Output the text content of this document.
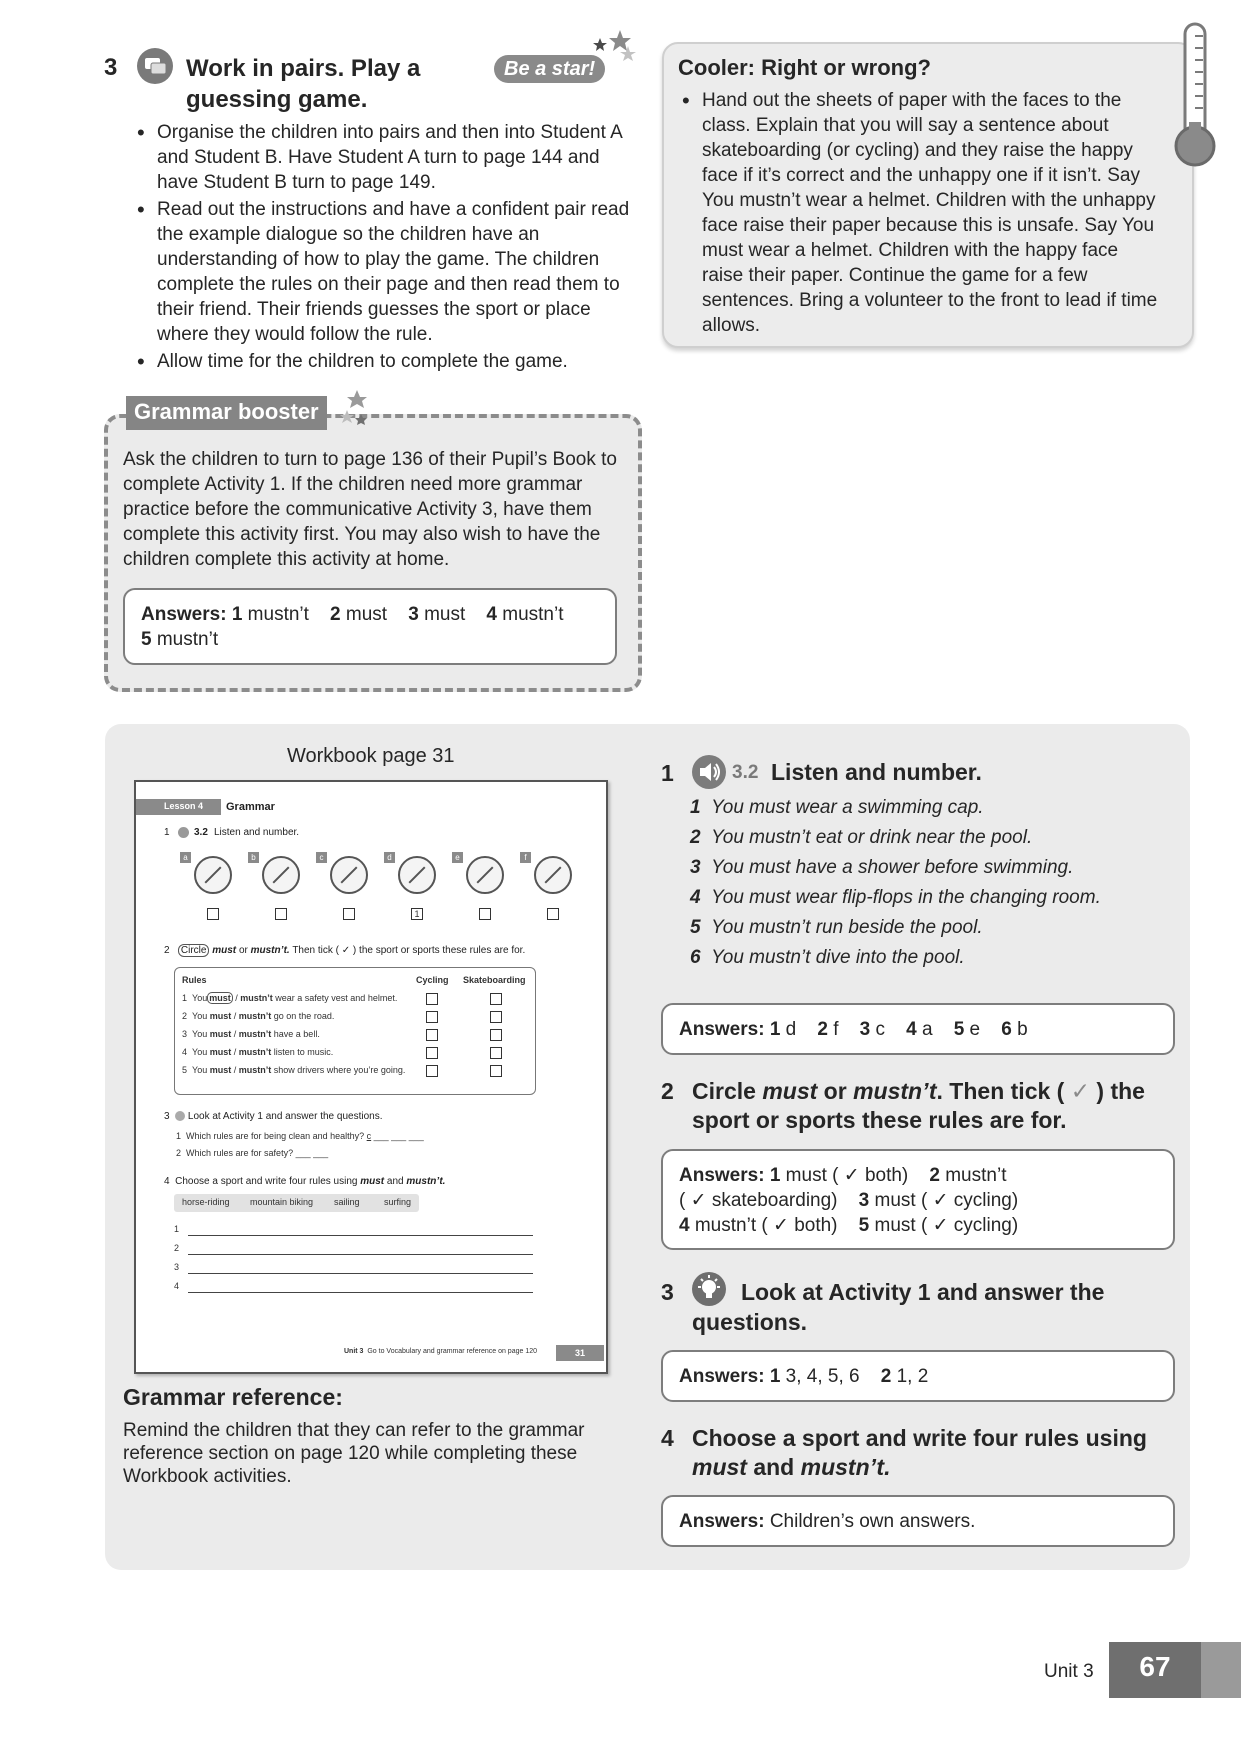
3	Work in pairs. Play a
guessing game.
Be a star!
• Organise the children into pairs and then into Student A and Student B. Have Student A turn to page 144 and have Student B turn to page 149.
• Read out the instructions and have a confident pair read the example dialogue so the children have an understanding of how to play the game. The children complete the rules on their page and then read them to their friend. Their friends guesses the sport or place where they would follow the rule.
• Allow time for the children to complete the game.
Grammar booster
Ask the children to turn to page 136 of their Pupil’s Book to complete Activity 1. If the children need more grammar practice before the communicative Activity 3, have them complete this activity first. You may also wish to have the children complete this activity at home.
Answers: 1 mustn’t 2 must 3 must 4 mustn’t
5 mustn’t
Cooler: Right or wrong?
• Hand out the sheets of paper with the faces to the class. Explain that you will say a sentence about skateboarding (or cycling) and they raise the happy face if it’s correct and the unhappy one if it isn’t. Say You mustn’t wear a helmet. Children with the unhappy face raise their paper because this is unsafe. Say You must wear a helmet. Children with the happy face raise their paper. Continue the game for a few sentences. Bring a volunteer to the front to lead if time allows.
Workbook page 31
Lesson 4 Grammar
1 3.2 Listen and number.
a	b	c	d	e	f
1
2 Circle must or mustn’t. Then tick ( ✓ ) the sport or sports these rules are for.
Rules	Cycling Skateboarding
1 You must / mustn’t wear a safety vest and helmet.
2 You must / mustn’t go on the road.
3 You must / mustn’t have a bell.
4 You must / mustn’t listen to music.
5 You must / mustn’t show drivers where you’re going.
3 Look at Activity 1 and answer the questions.
1 Which rules are for being clean and healthy? c ___ ___ ___
2 Which rules are for safety? ___ ___
4 Choose a sport and write four rules using must and mustn’t.
horse-riding mountain biking sailing	surfing
1
2
3
4
Unit 3 Go to Vocabulary and grammar reference on page 120	31
Grammar reference:
Remind the children that they can refer to the grammar reference section on page 120 while completing these Workbook activities.
1	3.2 Listen and number.
1 You must wear a swimming cap.
2 You mustn’t eat or drink near the pool.
3 You must have a shower before swimming.
4 You must wear flip-flops in the changing room.
5 You mustn’t run beside the pool.
6 You mustn’t dive into the pool.
Answers: 1 d 2 f 3 c 4 a 5 e 6 b
2 Circle must or mustn’t. Then tick ( ✓ ) the
sport or sports these rules are for.
Answers: 1 must ( ✓ both) 2 mustn’t
( ✓ skateboarding) 3 must ( ✓ cycling)
4 mustn’t ( ✓ both) 5 must ( ✓ cycling)
3	Look at Activity 1 and answer the
questions.
Answers: 1 3, 4, 5, 6 2 1, 2
4 Choose a sport and write four rules using
must and mustn’t.
Answers: Children’s own answers.
Unit 3	67
